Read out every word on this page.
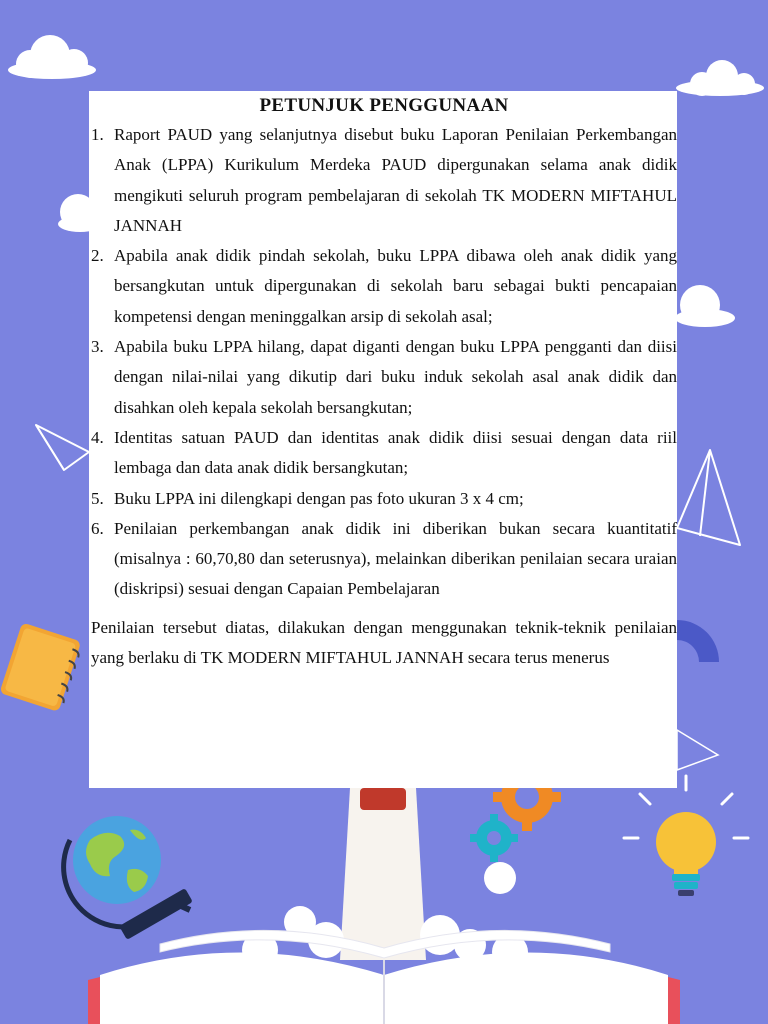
PETUNJUK PENGGUNAAN
1. Raport PAUD yang selanjutnya disebut buku Laporan Penilaian Perkembangan Anak (LPPA) Kurikulum Merdeka PAUD dipergunakan selama anak didik mengikuti seluruh program pembelajaran di sekolah TK MODERN MIFTAHUL JANNAH
2. Apabila anak didik pindah sekolah, buku LPPA dibawa oleh anak didik yang bersangkutan untuk dipergunakan di sekolah baru sebagai bukti pencapaian kompetensi dengan meninggalkan arsip di sekolah asal;
3. Apabila buku LPPA hilang, dapat diganti dengan buku LPPA pengganti dan diisi dengan nilai-nilai yang dikutip dari buku induk sekolah asal anak didik dan disahkan oleh kepala sekolah bersangkutan;
4. Identitas satuan PAUD dan identitas anak didik diisi sesuai dengan data riil lembaga dan data anak didik bersangkutan;
5. Buku LPPA ini dilengkapi dengan pas foto ukuran 3 x 4 cm;
6. Penilaian perkembangan anak didik ini diberikan bukan secara kuantitatif (misalnya : 60,70,80 dan seterusnya), melainkan diberikan penilaian secara uraian (diskripsi) sesuai dengan Capaian Pembelajaran

Penilaian tersebut diatas, dilakukan dengan menggunakan teknik-teknik penilaian yang berlaku di TK MODERN MIFTAHUL JANNAH secara terus menerus
